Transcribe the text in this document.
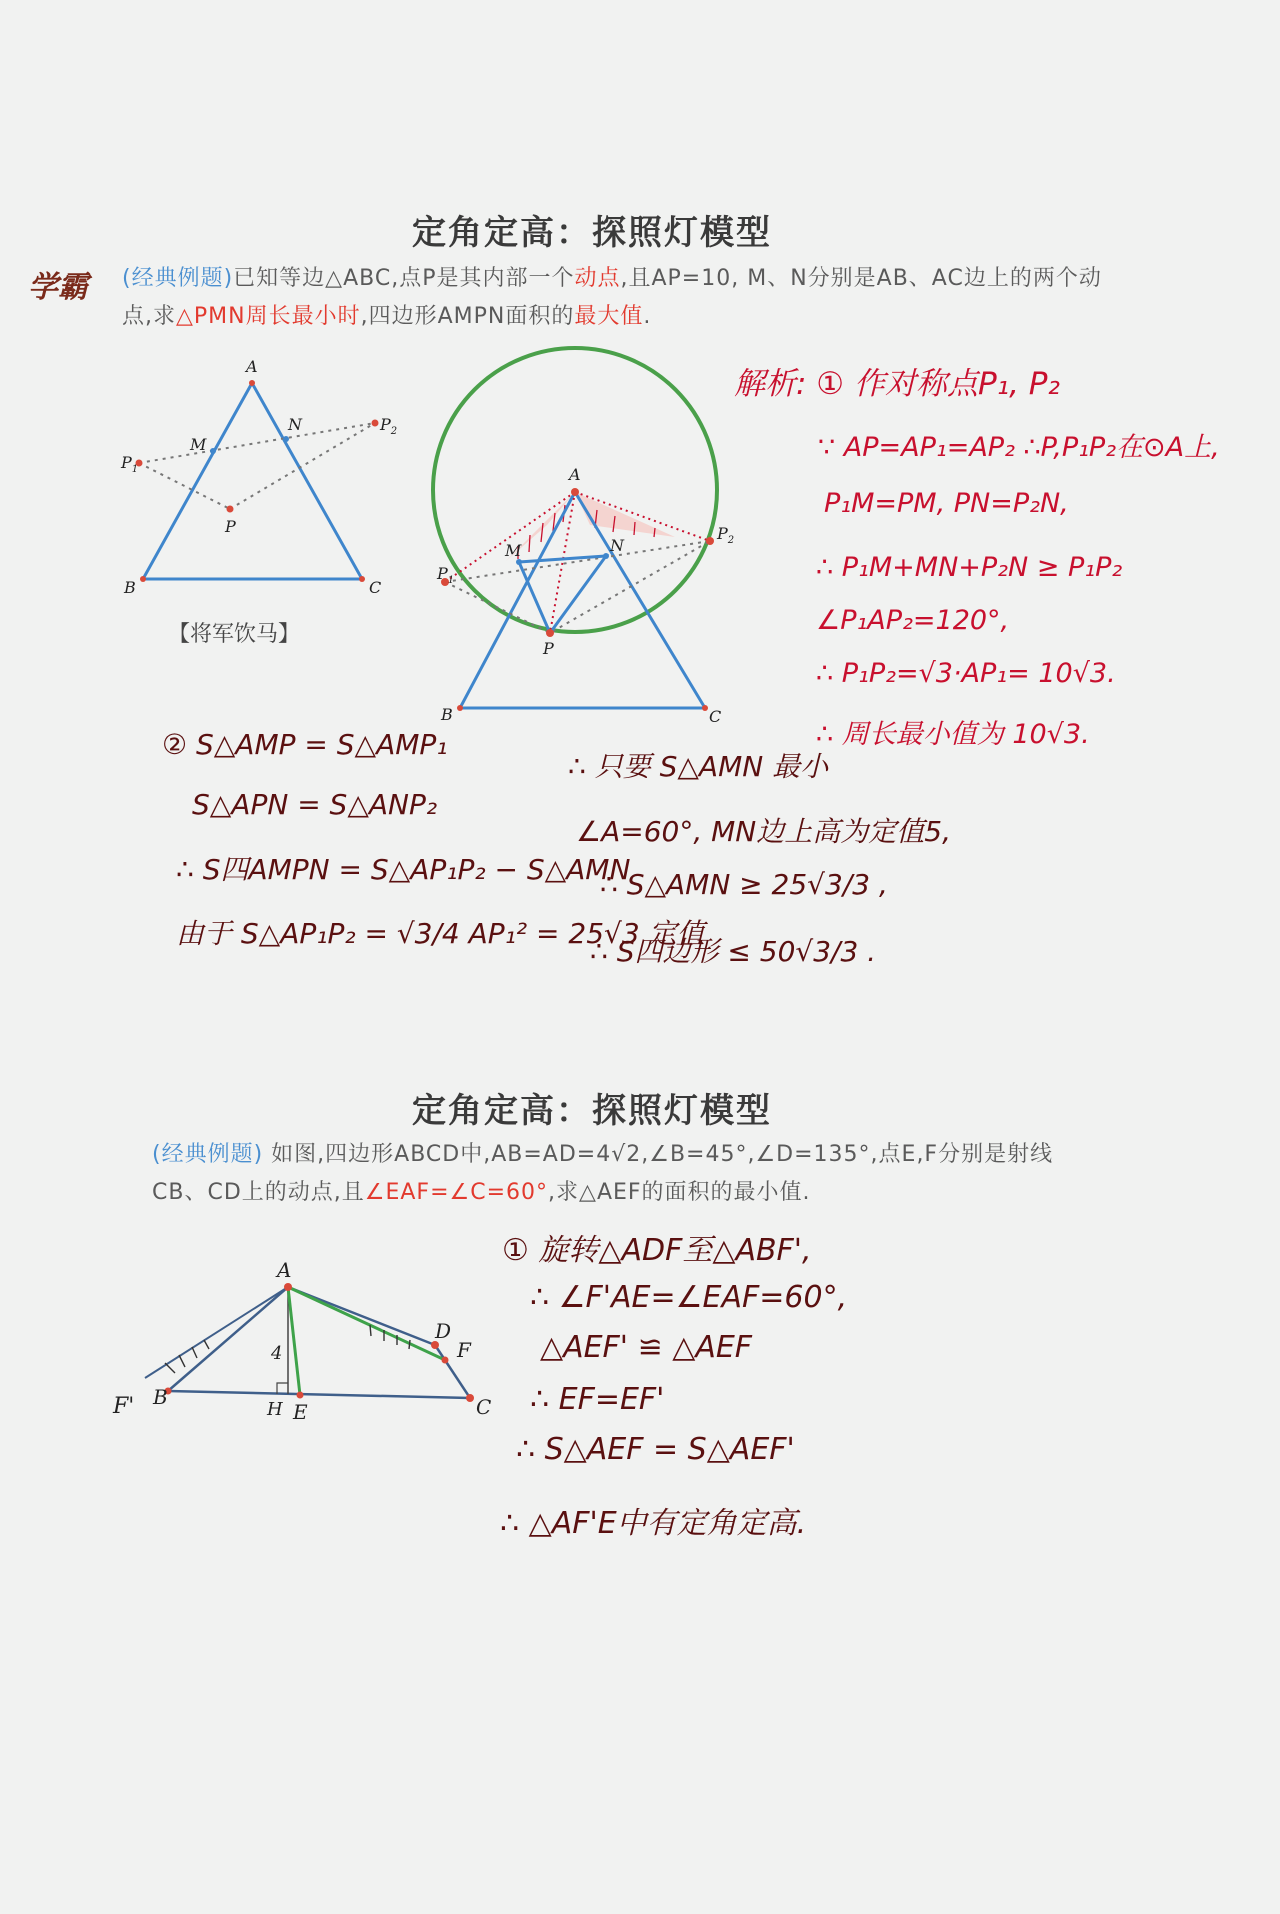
定角定高：探照灯模型
学霸 (经典例题)已知等边△ABC,点P是其内部一个动点,且AP=10, M、N分别是AB、AC边上的两个动点,求△PMN周长最小时,四边形AMPN面积的最大值.
A
B	C
M
N
P
$P_1$
$P_2$
【将军饮马】
A
M	N
P
B	C
$P_1$
$P_2$
解析: ① 作对称点P₁, P₂
∵ AP=AP₁=AP₂ ∴P,P₁P₂在⊙A上,
P₁M=PM, PN=P₂N,
∴ P₁M+MN+P₂N ≥ P₁P₂
∠P₁AP₂=120°,
∴ P₁P₂=√3·AP₁= 10√3.
∴ 周长最小值为 10√3.
② S△AMP = S△AMP₁
S△APN = S△ANP₂
∴ S四AMPN = S△AP₁P₂ − S△AMN
由于 S△AP₁P₂ = √3/4 AP₁² = 25√3 定值
∴ 只要 S△AMN 最小
∠A=60°, MN边上高为定值5,
∴ S△AMN ≥ 25√3/3 ,
∴ S四边形 ≤ 50√3/3 .
定角定高：探照灯模型
(经典例题) 如图,四边形ABCD中,AB=AD=4√2,∠B=45°,∠D=135°,点E,F分别是射线CB、CD上的动点,且∠EAF=∠C=60°,求△AEF的面积的最小值.
A
B	C
D
E
F
H
4
F'
① 旋转△ADF至△ABF',
∴ ∠F'AE=∠EAF=60°,
△AEF' ≌ △AEF
∴ EF=EF'
∴ S△AEF = S△AEF'
∴ △AF'E中有定角定高.
